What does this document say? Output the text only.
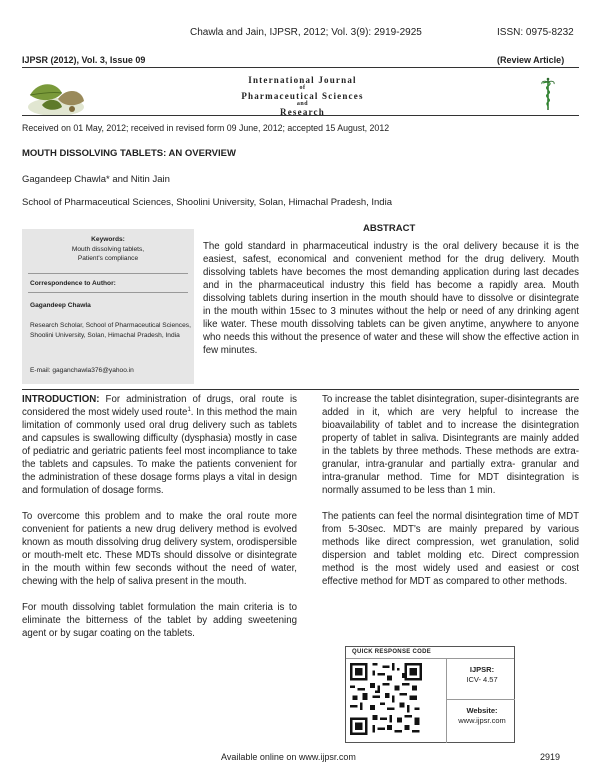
Chawla and Jain, IJPSR, 2012; Vol. 3(9): 2919-2925	ISSN: 0975-8232
IJPSR (2012), Vol. 3, Issue 09	(Review Article)
International Journal
of
Pharmaceutical Sciences
and
Research
Received on 01 May, 2012; received in revised form 09 June, 2012; accepted 15 August, 2012
MOUTH DISSOLVING TABLETS: AN OVERVIEW
Gagandeep Chawla* and Nitin Jain
School of Pharmaceutical Sciences, Shoolini University, Solan, Himachal Pradesh, India
ABSTRACT
Keywords:
Mouth dissolving tablets,
Patient's compliance
Correspondence to Author:
Gagandeep Chawla
Research Scholar, School of Pharmaceutical Sciences, Shoolini University, Solan, Himachal Pradesh, India
E-mail: gaganchawla376@yahoo.in
The gold standard in pharmaceutical industry is the oral delivery because it is the easiest, safest, economical and convenient method for the drug delivery. Mouth dissolving tablets have becomes the most demanding application during last decades and in the pharmaceutical industry this field has become a rapidly area. Mouth dissolving tablets during insertion in the mouth should have to dissolve or disintegrate in the mouth within 15sec to 3 minutes without the help or need of any drinking agent like water. These mouth dissolving tablets can be given anytime, anywhere to anyone who needs this without the presence of water and these will show the effective action in few minutes.

INTRODUCTION: For administration of drugs, oral route is considered the most widely used route$^1$. In this method the main limitation of commonly used oral drug delivery such as tablets and capsules is swallowing difficulty (dysphasia) mostly in case of pediatric and geriatric patients feel most incompliance to take the tablets and capsules. To make the patients convenient for the administration of these dosage forms plays a vital in design and formulation of dosage forms.

To overcome this problem and to make the oral route more convenient for patients a new drug delivery method is evolved known as mouth dissolving drug delivery system, orodispersible or mouth-melt etc. These MDTs should dissolve or disintegrate in the mouth within few seconds without the need of water, chewing with the help of saliva present in the mouth.

For mouth dissolving tablet formulation the main criteria is to eliminate the bitterness of the tablet by adding sweetening agent or by sugar coating on the tablets.

To increase the tablet disintegration, super-disintegrants are added in it, which are very helpful to increase the bioavailability of tablet and to increase the disintegration property of tablet in saliva. Disintegrants are mainly added in the tablets by three methods. These methods are extra- granular, intra-granular and partially extra- granular and intra-granular method. Time for MDT disintegration is normally assumed to be less than 1 min.

The patients can feel the normal disintegration time of MDT from 5-30sec. MDT's are mainly prepared by various methods like direct compression, wet granulation, solid dispersion and tablet molding etc. Direct compression method is the most widely used and easiest or cost effective method for MDT as compared to other methods.

QUICK RESPONSE CODE
IJPSR:
ICV- 4.57
Website:
www.ijpsr.com
Available online on www.ijpsr.com	2919
